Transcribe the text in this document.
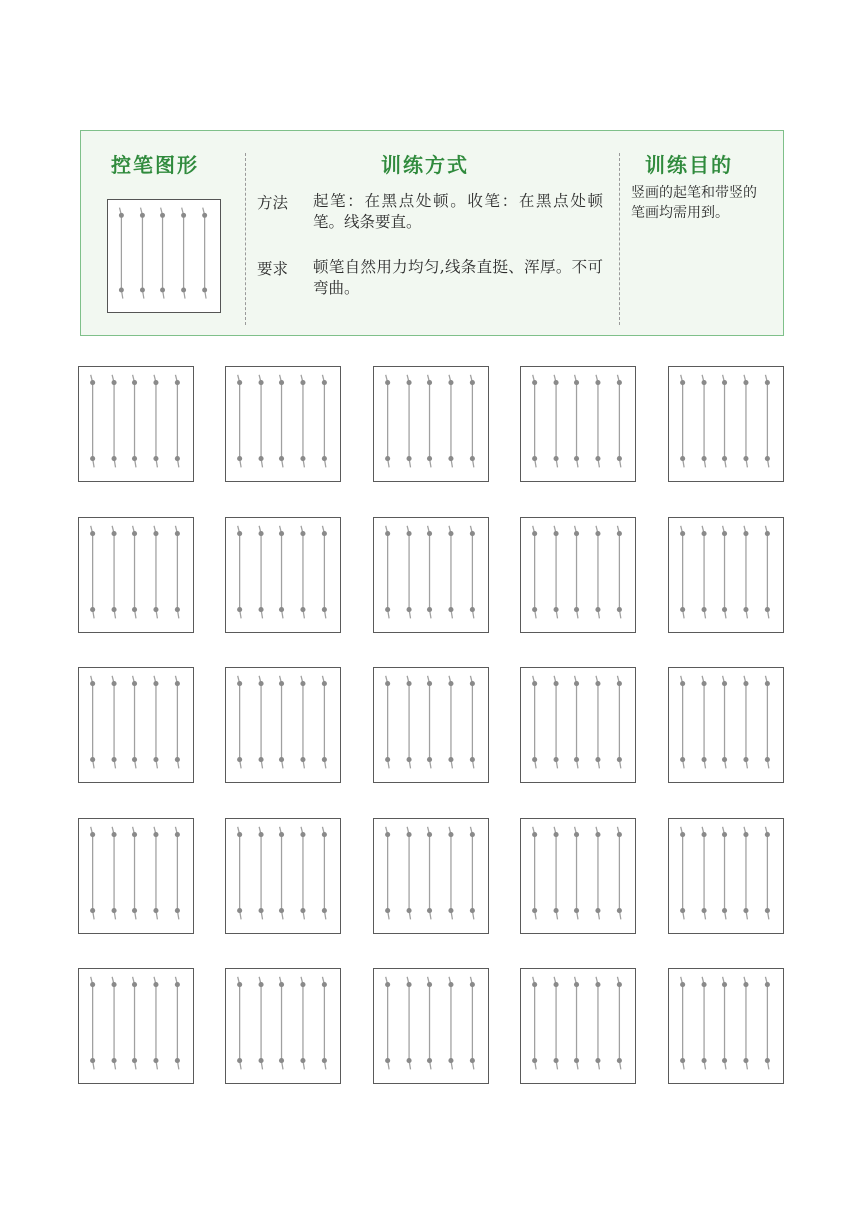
控笔图形	训练方式
方法 起笔：在黑点处顿。收笔：在黑点处顿笔。线条要直。
要求 顿笔自然用力均匀,线条直挺、浑厚。不可弯曲。
训练目的
竖画的起笔和带竖的笔画均需用到。
